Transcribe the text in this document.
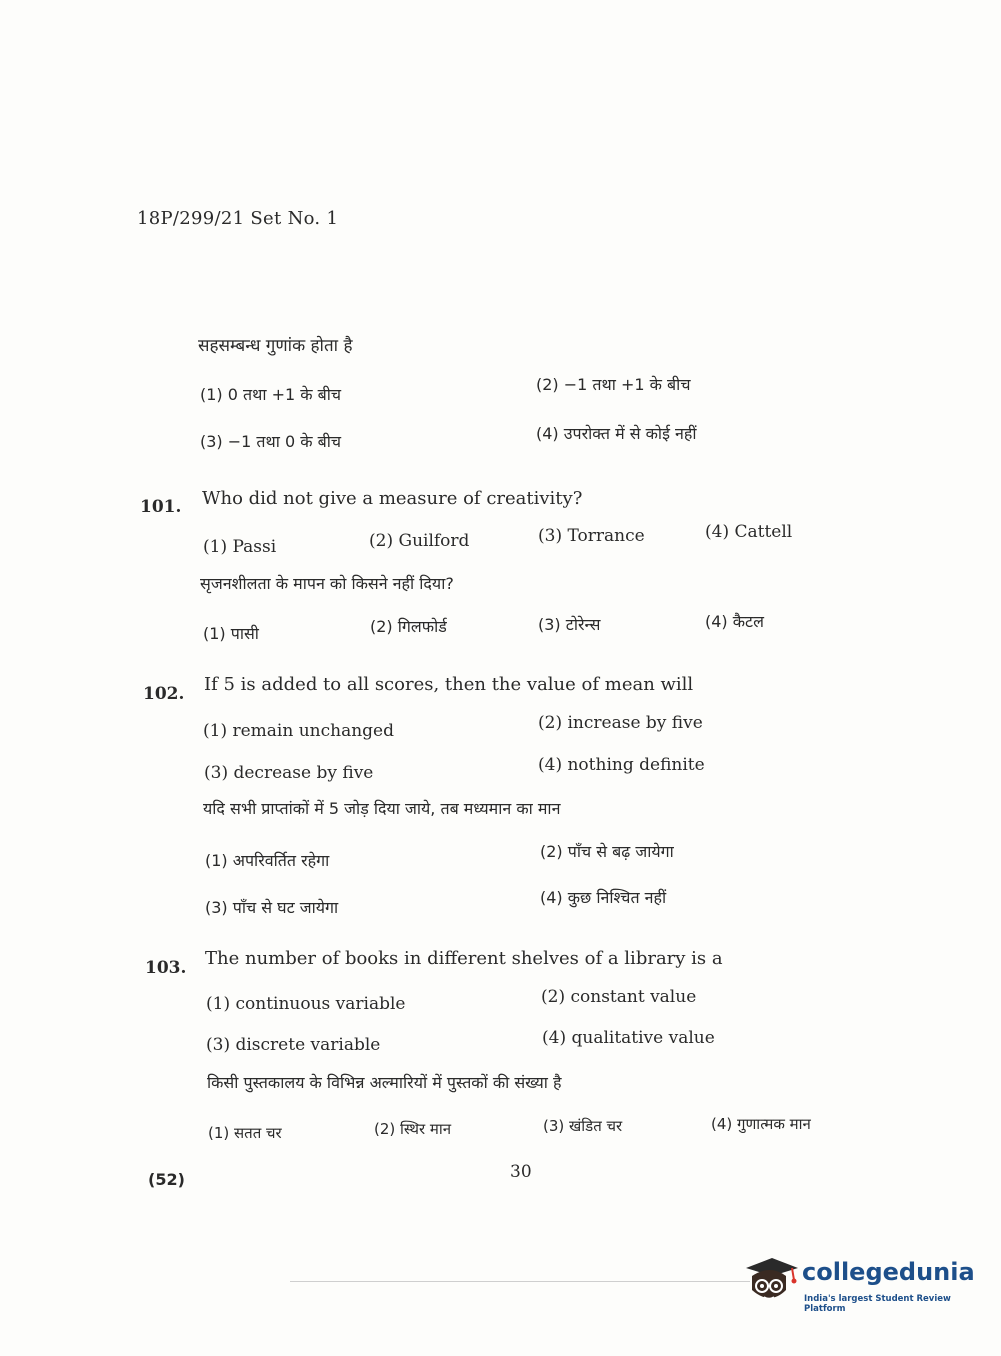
18P/299/21 Set No. 1
सहसम्बन्ध गुणांक होता है
(1) 0 तथा +1 के बीच
(2) −1 तथा +1 के बीच
(3) −1 तथा 0 के बीच	(4) उपरोक्त में से कोई नहीं
101. Who did not give a measure of creativity?
(1) Passi	(2) Guilford	(3) Torrance	(4) Cattell
सृजनशीलता के मापन को किसने नहीं दिया?
(1) पासी	(2) गिलफोर्ड	(3) टोरेन्स	(4) कैटल
102. If 5 is added to all scores, then the value of mean will
(1) remain unchanged	(2) increase by five
(3) decrease by five	(4) nothing definite
यदि सभी प्राप्तांकों में 5 जोड़ दिया जाये, तब मध्यमान का मान
(1) अपरिवर्तित रहेगा	(2) पाँच से बढ़ जायेगा
(3) पाँच से घट जायेगा
(4) कुछ निश्चित नहीं
103. The number of books in different shelves of a library is a
(1) continuous variable	(2) constant value
(3) discrete variable	(4) qualitative value
किसी पुस्तकालय के विभिन्न अल्मारियों में पुस्तकों की संख्या है
(1) सतत चर	(2) स्थिर मान	(3) खंडित चर	(4) गुणात्मक मान
(52)	30
collegedunia
India's largest Student Review Platform
